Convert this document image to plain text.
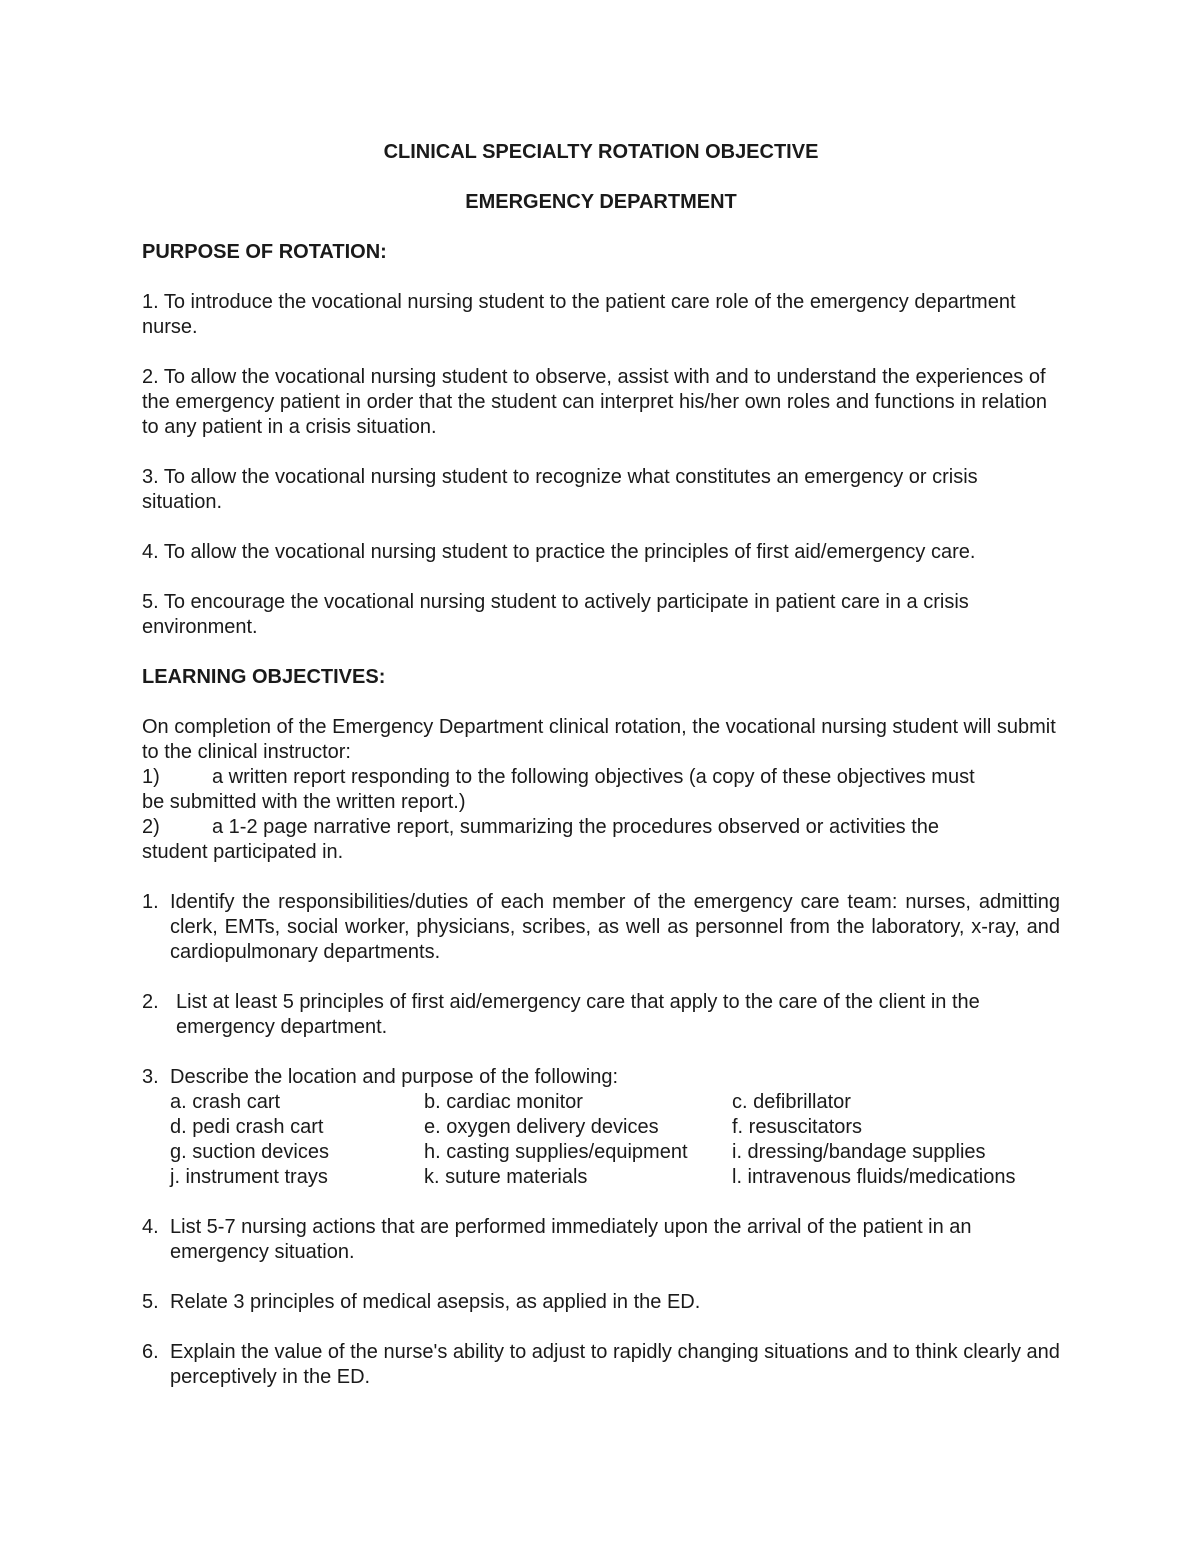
CLINICAL SPECIALTY ROTATION OBJECTIVE

EMERGENCY DEPARTMENT

PURPOSE OF ROTATION:

1. To introduce the vocational nursing student to the patient care role of the emergency department nurse.

2. To allow the vocational nursing student to observe, assist with and to understand the experiences of the emergency patient in order that the student can interpret his/her own roles and functions in relation to any patient in a crisis situation.

3. To allow the vocational nursing student to recognize what constitutes an emergency or crisis situation.

4. To allow the vocational nursing student to practice the principles of first aid/emergency care.

5. To encourage the vocational nursing student to actively participate in patient care in a crisis environment.

LEARNING OBJECTIVES:

On completion of the Emergency Department clinical rotation, the vocational nursing student will submit to the clinical instructor:

1)	a written report responding to the following objectives (a copy of these objectives must

be submitted with the written report.)

2)	a 1-2 page narrative report, summarizing the procedures observed or activities the

student participated in.

1. Identify the responsibilities/duties of each member of the emergency care team: nurses, admitting clerk, EMTs, social worker, physicians, scribes, as well as personnel from the laboratory, x-ray, and cardiopulmonary departments.
2. List at least 5 principles of first aid/emergency care that apply to the care of the client in the emergency department.
3. Describe the location and purpose of the following:
a. crash cart	b. cardiac monitor	c. defibrillator
d. pedi crash cart	e. oxygen delivery devices	f. resuscitators
g. suction devices	h. casting supplies/equipment	i. dressing/bandage supplies
j. instrument trays	k. suture materials	l. intravenous fluids/medications
4. List 5-7 nursing actions that are performed immediately upon the arrival of the patient in an emergency situation.
5. Relate 3 principles of medical asepsis, as applied in the ED.
6. Explain the value of the nurse's ability to adjust to rapidly changing situations and to think clearly and perceptively in the ED.
